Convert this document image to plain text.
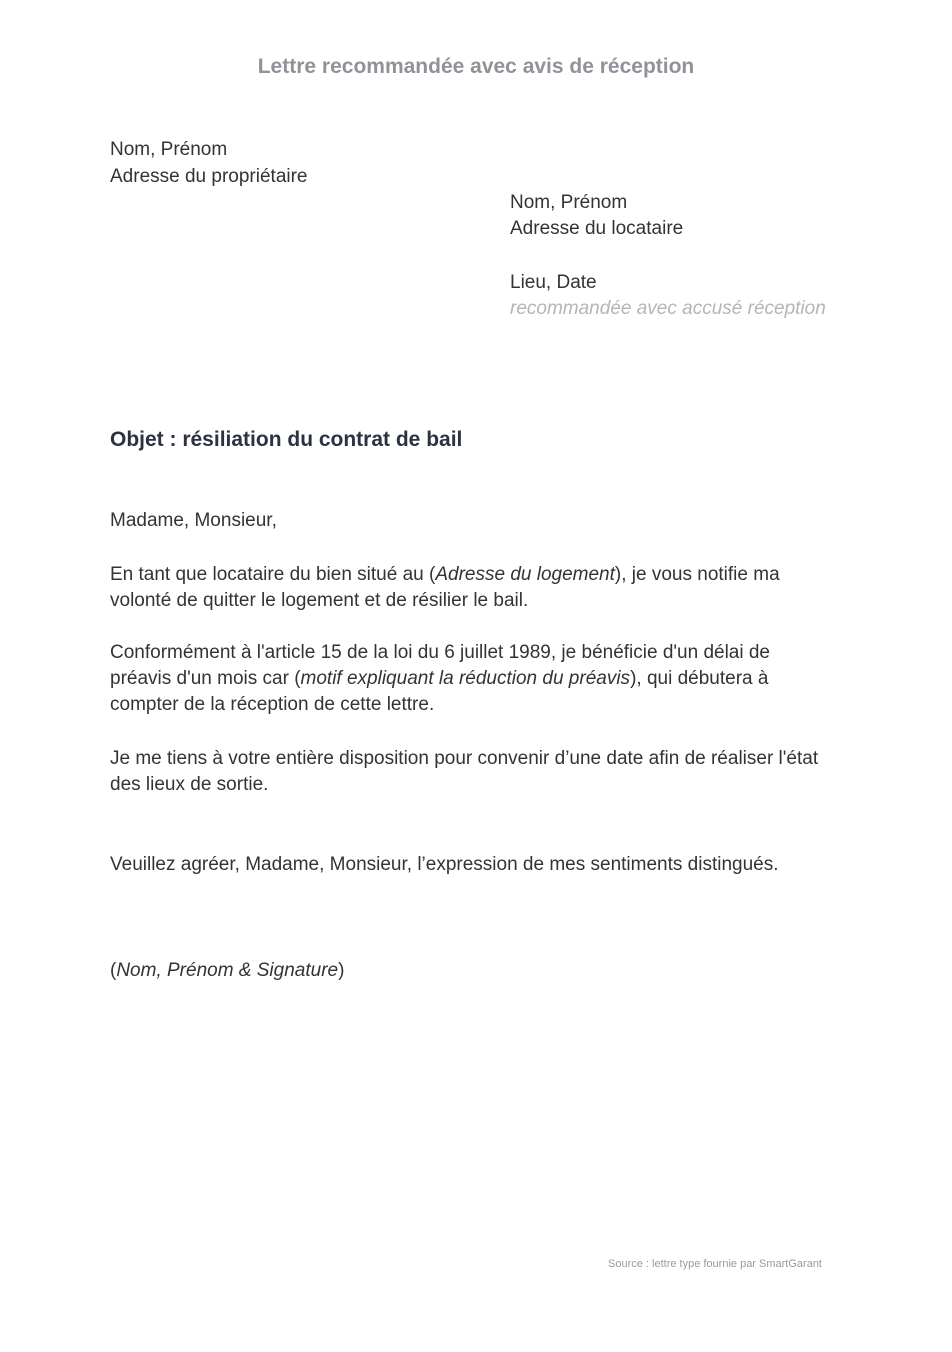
Lettre recommandée avec avis de réception
Nom, Prénom
Adresse du propriétaire
Nom, Prénom
Adresse du locataire
Lieu, Date
recommandée avec accusé réception
Objet : résiliation du contrat de bail

Madame, Monsieur,

En tant que locataire du bien situé au (Adresse du logement), je vous notifie ma volonté de quitter le logement et de résilier le bail.

Conformément à l'article 15 de la loi du 6 juillet 1989, je bénéficie d'un délai de préavis d'un mois car (motif expliquant la réduction du préavis), qui débutera à compter de la réception de cette lettre.

Je me tiens à votre entière disposition pour convenir d’une date afin de réaliser l'état des lieux de sortie.

Veuillez agréer, Madame, Monsieur, l’expression de mes sentiments distingués.

(Nom, Prénom & Signature)

Source : lettre type fournie par SmartGarant
